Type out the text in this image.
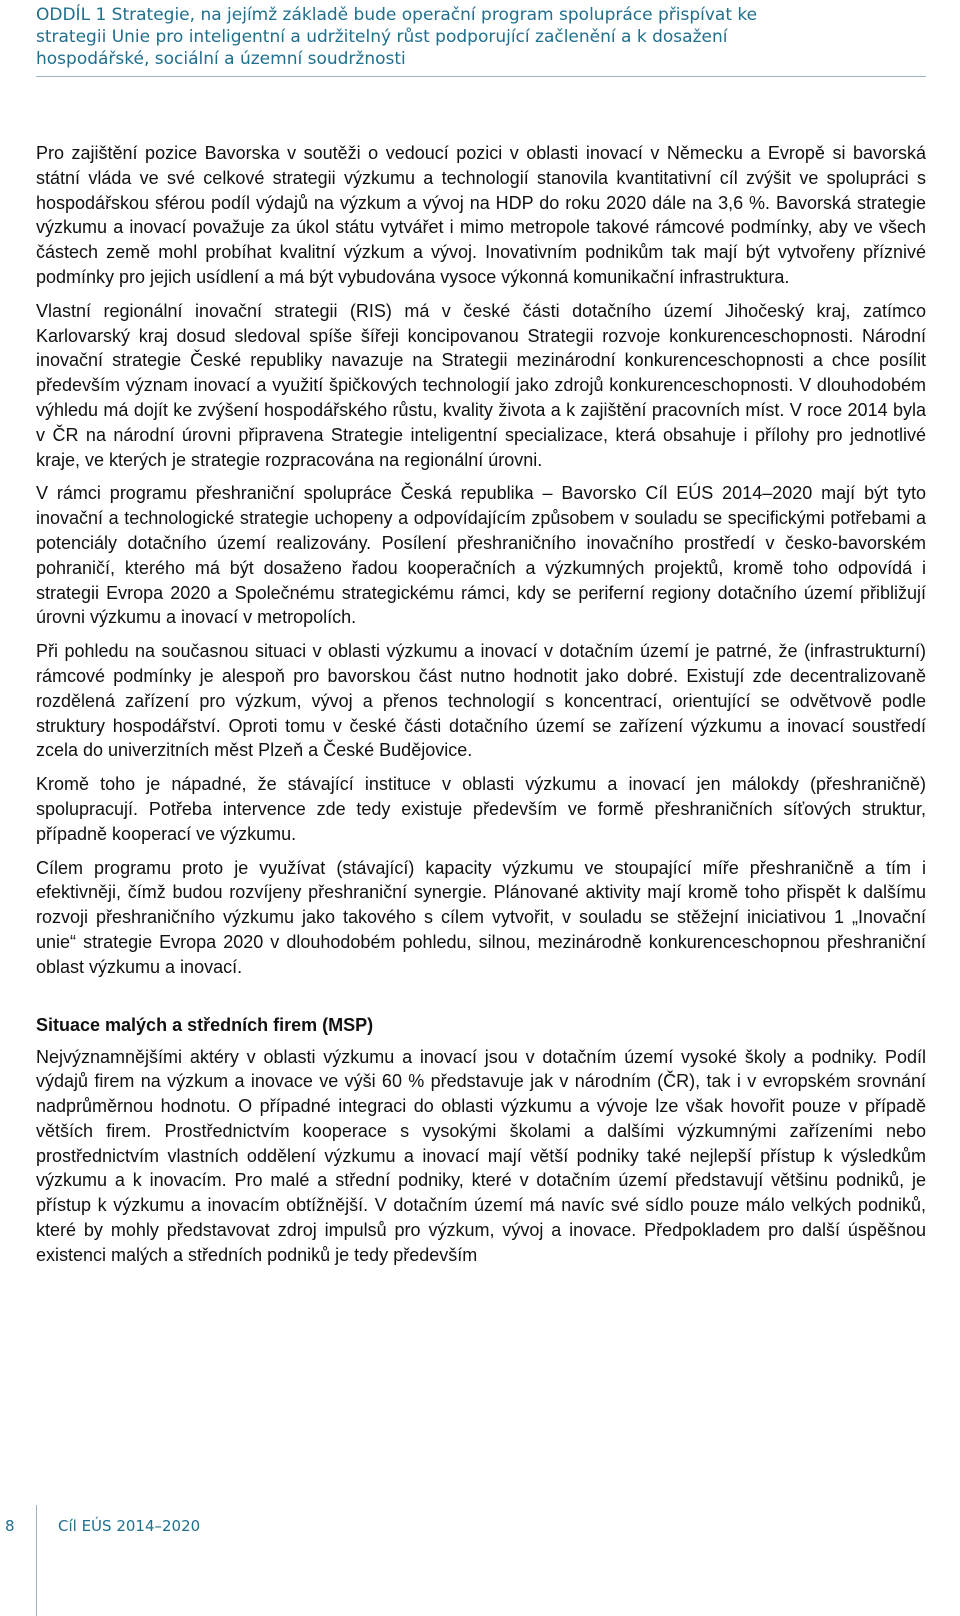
ODDÍL 1 Strategie, na jejímž základě bude operační program spolupráce přispívat ke
strategii Unie pro inteligentní a udržitelný růst podporující začlenění a k dosažení
hospodářské, sociální a územní soudržnosti

Pro zajištění pozice Bavorska v soutěži o vedoucí pozici v oblasti inovací v Německu a Evropě si bavorská státní vláda ve své celkové strategii výzkumu a technologií stanovila kvantitativní cíl zvýšit ve spolupráci s hospodářskou sférou podíl výdajů na výzkum a vývoj na HDP do roku 2020 dále na 3,6 %. Bavorská strategie výzkumu a inovací považuje za úkol státu vytvářet i mimo metropole takové rámcové podmínky, aby ve všech částech země mohl probíhat kvalitní výzkum a vývoj. Inovativním podnikům tak mají být vytvořeny příznivé podmínky pro jejich usídlení a má být vybudována vysoce výkonná komunikační infrastruktura.

Vlastní regionální inovační strategii (RIS) má v české části dotačního území Jihočeský kraj, zatímco Karlovarský kraj dosud sledoval spíše šířeji koncipovanou Strategii rozvoje konkurenceschopnosti. Národní inovační strategie České republiky navazuje na Strategii mezinárodní konkurenceschopnosti a chce posílit především význam inovací a využití špičkových technologií jako zdrojů konkurenceschopnosti. V dlouhodobém výhledu má dojít ke zvýšení hospodářského růstu, kvality života a k zajištění pracovních míst. V roce 2014 byla v ČR na národní úrovni připravena Strategie inteligentní specializace, která obsahuje i přílohy pro jednotlivé kraje, ve kterých je strategie rozpracována na regionální úrovni.

V rámci programu přeshraniční spolupráce Česká republika – Bavorsko Cíl EÚS 2014–2020 mají být tyto inovační a technologické strategie uchopeny a odpovídajícím způsobem v souladu se specifickými potřebami a potenciály dotačního území realizovány. Posílení přeshraničního inovačního prostředí v česko-bavorském pohraničí, kterého má být dosaženo řadou kooperačních a výzkumných projektů, kromě toho odpovídá i strategii Evropa 2020 a Společnému strategickému rámci, kdy se periferní regiony dotačního území přibližují úrovni výzkumu a inovací v metropolích.

Při pohledu na současnou situaci v oblasti výzkumu a inovací v dotačním území je patrné, že (infrastrukturní) rámcové podmínky je alespoň pro bavorskou část nutno hodnotit jako dobré. Existují zde decentralizovaně rozdělená zařízení pro výzkum, vývoj a přenos technologií s koncentrací, orientující se odvětvově podle struktury hospodářství. Oproti tomu v české části dotačního území se zařízení výzkumu a inovací soustředí zcela do univerzitních měst Plzeň a České Budějovice.

Kromě toho je nápadné, že stávající instituce v oblasti výzkumu a inovací jen málokdy (přeshraničně) spolupracují. Potřeba intervence zde tedy existuje především ve formě přeshraničních síťových struktur, případně kooperací ve výzkumu.

Cílem programu proto je využívat (stávající) kapacity výzkumu ve stoupající míře přeshraničně a tím i efektivněji, čímž budou rozvíjeny přeshraniční synergie. Plánované aktivity mají kromě toho přispět k dalšímu rozvoji přeshraničního výzkumu jako takového s cílem vytvořit, v souladu se stěžejní iniciativou 1 „Inovační unie“ strategie Evropa 2020 v dlouhodobém pohledu, silnou, mezinárodně konkurenceschopnou přeshraniční oblast výzkumu a inovací.

Situace malých a středních firem (MSP)

Nejvýznamnějšími aktéry v oblasti výzkumu a inovací jsou v dotačním území vysoké školy a podniky. Podíl výdajů firem na výzkum a inovace ve výši 60 % představuje jak v národním (ČR), tak i v evropském srovnání nadprůměrnou hodnotu. O případné integraci do oblasti výzkumu a vývoje lze však hovořit pouze v případě větších firem. Prostřednictvím kooperace s vysokými školami a dalšími výzkumnými zařízeními nebo prostřednictvím vlastních oddělení výzkumu a inovací mají větší podniky také nejlepší přístup k výsledkům výzkumu a k inovacím. Pro malé a střední podniky, které v dotačním území představují většinu podniků, je přístup k výzkumu a inovacím obtížnější. V dotačním území má navíc své sídlo pouze málo velkých podniků, které by mohly představovat zdroj impulsů pro výzkum, vývoj a inovace. Předpokladem pro další úspěšnou existenci malých a středních podniků je tedy především

8	Cíl EÚS 2014–2020
